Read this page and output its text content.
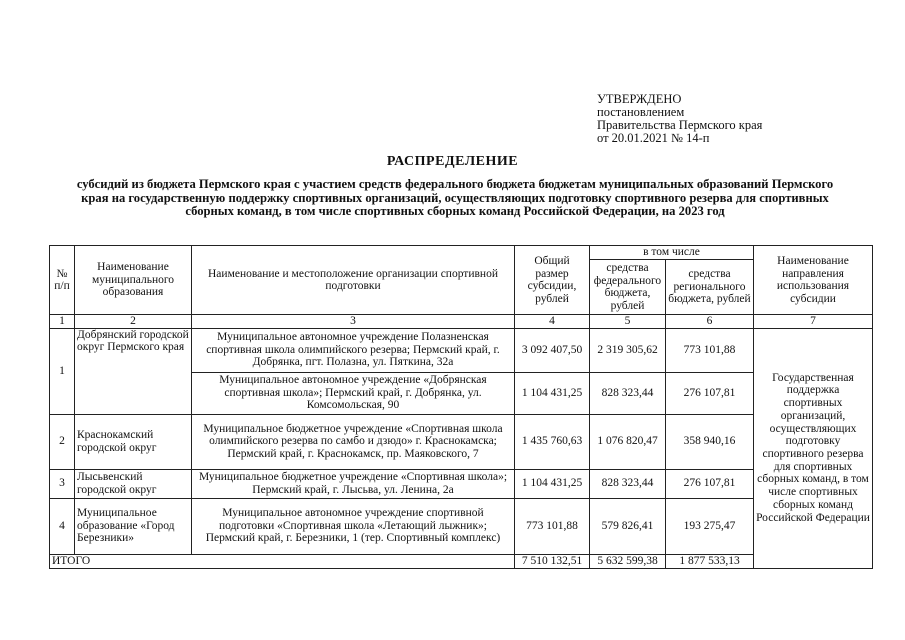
УТВЕРЖДЕНО
постановлением
Правительства Пермского края
от 20.01.2021 № 14-п
РАСПРЕДЕЛЕНИЕ
субсидий из бюджета Пермского края с участием средств федерального бюджета бюджетам муниципальных образований Пермского края на государственную поддержку спортивных организаций, осуществляющих подготовку спортивного резерва для спортивных сборных команд, в том числе спортивных сборных команд Российской Федерации, на 2023 год
№ п/п	Наименование муниципального образования	Наименование и местоположение организации спортивной подготовки	Общий размер субсидии, рублей	в том числе		Наименование направления использования субсидии
				средства федерального бюджета, рублей	средства регионального бюджета, рублей	
1	2	3	4	5	6	7
1	Добрянский городской округ Пермского края	Муниципальное автономное учреждение Полазненская спортивная школа олимпийского резерва; Пермский край, г. Добрянка, пгт. Полазна, ул. Пяткина, 32а	3 092 407,50	2 319 305,62	773 101,88	Государственная поддержка спортивных организаций, осуществляющих подготовку спортивного резерва для спортивных сборных команд, в том числе спортивных сборных команд Российской Федерации
		Муниципальное автономное учреждение «Добрянская спортивная школа»; Пермский край, г. Добрянка, ул. Комсомольская, 90	1 104 431,25	828 323,44	276 107,81	
2	Краснокамский городской округ	Муниципальное бюджетное учреждение «Спортивная школа олимпийского резерва по самбо и дзюдо» г. Краснокамска; Пермский край, г. Краснокамск, пр. Маяковского, 7	1 435 760,63	1 076 820,47	358 940,16	
3	Лысьвенский городской округ	Муниципальное бюджетное учреждение «Спортивная школа»; Пермский край, г. Лысьва, ул. Ленина, 2а	1 104 431,25	828 323,44	276 107,81	
4	Муниципальное образование «Город Березники»	Муниципальное автономное учреждение спортивной подготовки «Спортивная школа «Летающий лыжник»; Пермский край, г. Березники, 1 (тер. Спортивный комплекс)	773 101,88	579 826,41	193 275,47	
ИТОГО			7 510 132,51	5 632 599,38	1 877 533,13	
